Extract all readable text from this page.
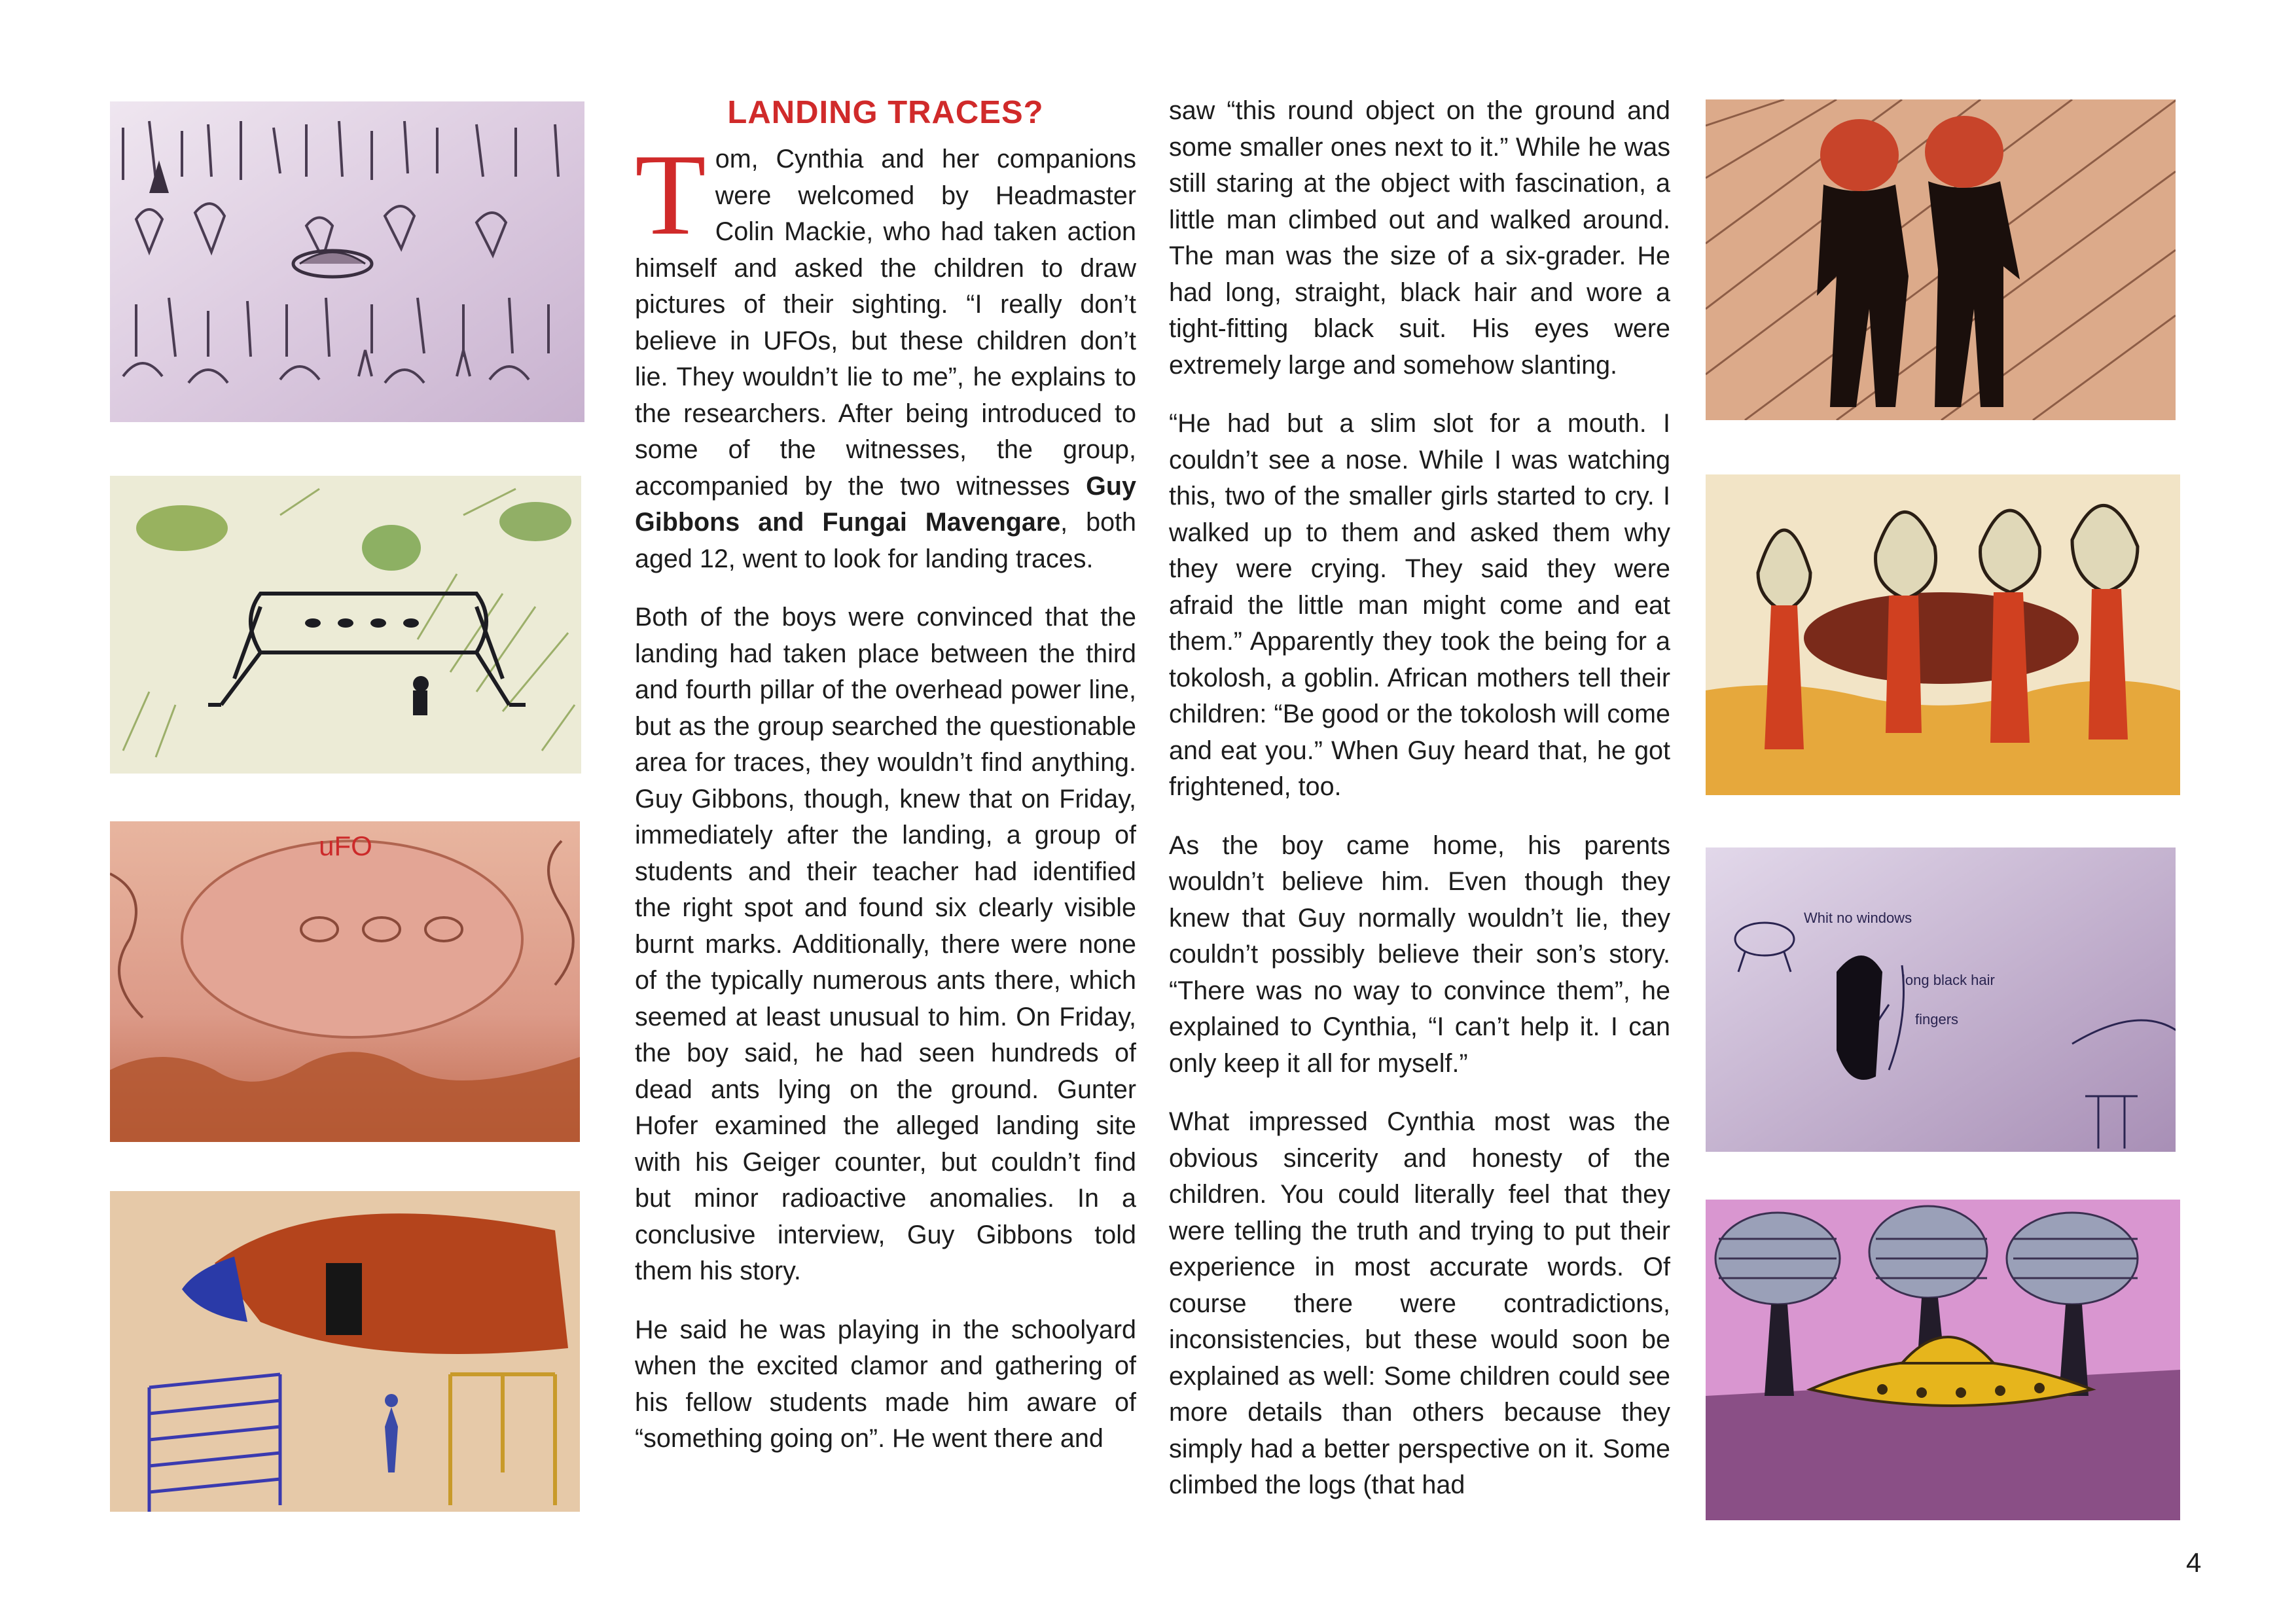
uFO
LANDING TRACES?

Tom, Cynthia and her companions were welcomed by Headmaster Colin Mackie, who had taken action himself and asked the children to draw pictures of their sighting. “I really don’t believe in UFOs, but these children don’t lie. They wouldn’t lie to me”, he explains to the researchers. After being introduced to some of the witnesses, the group, accompanied by the two witnesses Guy Gibbons and Fungai Mavengare, both aged 12, went to look for landing traces.

Both of the boys were convinced that the landing had taken place between the third and fourth pillar of the overhead power line, but as the group searched the questionable area for traces, they wouldn’t find anything. Guy Gibbons, though, knew that on Friday, immediately after the landing, a group of students and their teacher had identified the right spot and found six clearly visible burnt marks. Additionally, there were none of the typically numerous ants there, which seemed at least unusual to him. On Friday, the boy said, he had seen hundreds of dead ants lying on the ground. Gunter Hofer examined the alleged landing site with his Geiger counter, but couldn’t find but minor radioactive anomalies. In a conclusive interview, Guy Gibbons told them his story.

He said he was playing in the schoolyard when the excited clamor and gathering of his fellow students made him aware of “something going on”. He went there and

saw “this round object on the ground and some smaller ones next to it.” While he was still staring at the object with fascination, a little man climbed out and walked around. The man was the size of a six-grader. He had long, straight, black hair and wore a tight-fitting black suit. His eyes were extremely large and somehow slanting.

“He had but a slim slot for a mouth. I couldn’t see a nose. While I was watching this, two of the smaller girls started to cry. I walked up to them and asked them why they were crying. They said they were afraid the little man might come and eat them.” Apparently they took the being for a tokolosh, a goblin. African mothers tell their children: “Be good or the tokolosh will come and eat you.” When Guy heard that, he got frightened, too.

As the boy came home, his parents wouldn’t believe him. Even though they knew that Guy normally wouldn’t lie, they couldn’t possibly believe their son’s story. “There was no way to convince them”, he explained to Cynthia, “I can’t help it. I can only keep it all for myself.”

What impressed Cynthia most was the obvious sincerity and honesty of the children. You could literally feel that they were telling the truth and trying to put their experience in most accurate words. Of course there were contradictions, inconsistencies, but these would soon be explained as well: Some children could see more details than others because they simply had a better perspective on it. Some climbed the logs (that had

Whit no windows
long black hair
fingers
4
